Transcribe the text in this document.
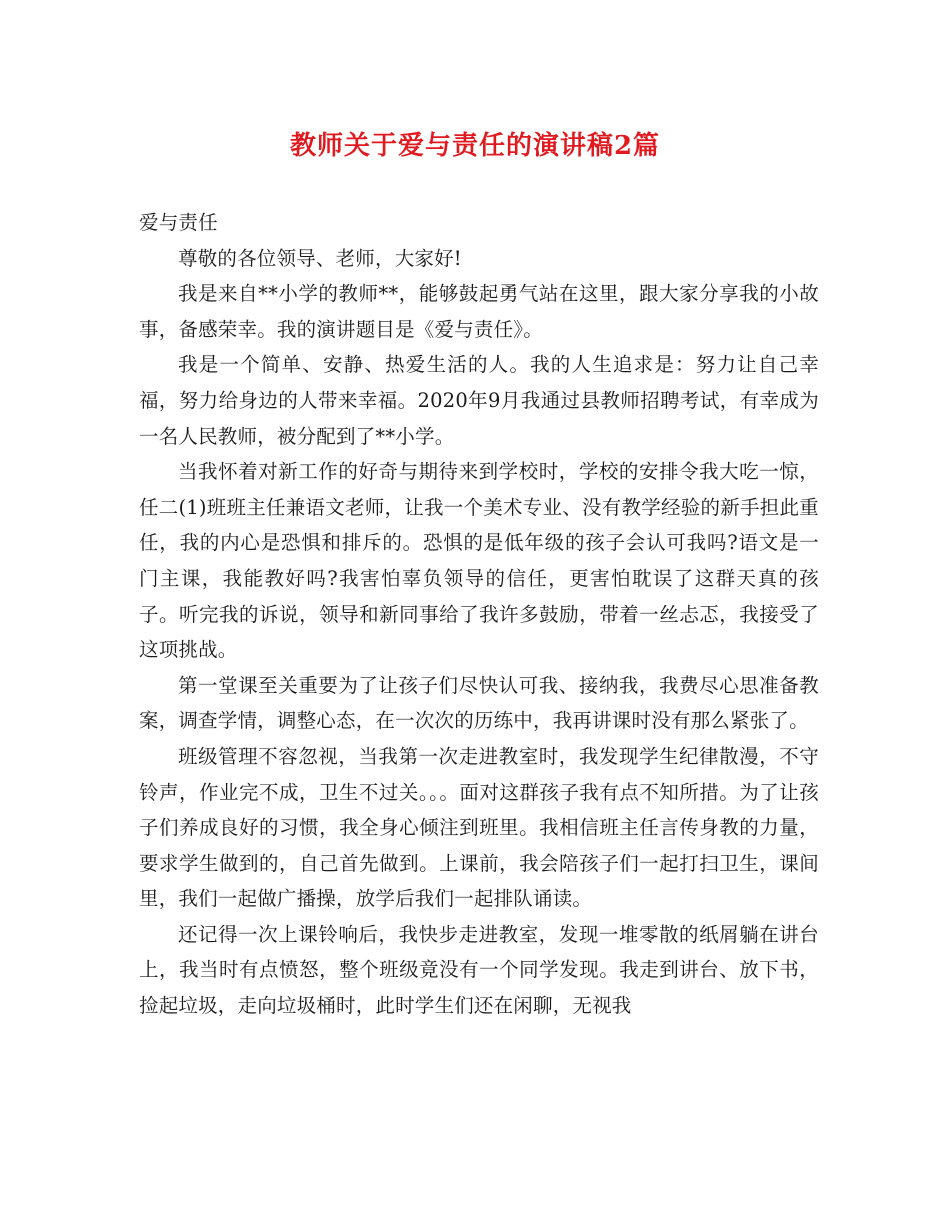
教师关于爱与责任的演讲稿2篇
爱与责任

尊敬的各位领导、老师，大家好!

我是来自**小学的教师**，能够鼓起勇气站在这里，跟大家分享我的小故事，备感荣幸。我的演讲题目是《爱与责任》。

我是一个简单、安静、热爱生活的人。我的人生追求是：努力让自己幸福，努力给身边的人带来幸福。2020年9月我通过县教师招聘考试，有幸成为一名人民教师，被分配到了**小学。

当我怀着对新工作的好奇与期待来到学校时，学校的安排令我大吃一惊，任二(1)班班主任兼语文老师，让我一个美术专业、没有教学经验的新手担此重任，我的内心是恐惧和排斥的。恐惧的是低年级的孩子会认可我吗?语文是一门主课，我能教好吗?我害怕辜负领导的信任，更害怕耽误了这群天真的孩子。听完我的诉说，领导和新同事给了我许多鼓励，带着一丝忐忑，我接受了这项挑战。

第一堂课至关重要为了让孩子们尽快认可我、接纳我，我费尽心思准备教案，调查学情，调整心态，在一次次的历练中，我再讲课时没有那么紧张了。

班级管理不容忽视，当我第一次走进教室时，我发现学生纪律散漫，不守铃声，作业完不成，卫生不过关。。。面对这群孩子我有点不知所措。为了让孩子们养成良好的习惯，我全身心倾注到班里。我相信班主任言传身教的力量，要求学生做到的，自己首先做到。上课前，我会陪孩子们一起打扫卫生，课间里，我们一起做广播操，放学后我们一起排队诵读。

还记得一次上课铃响后，我快步走进教室，发现一堆零散的纸屑躺在讲台上，我当时有点愤怒，整个班级竟没有一个同学发现。我走到讲台、放下书，捡起垃圾，走向垃圾桶时，此时学生们还在闲聊，无视我
